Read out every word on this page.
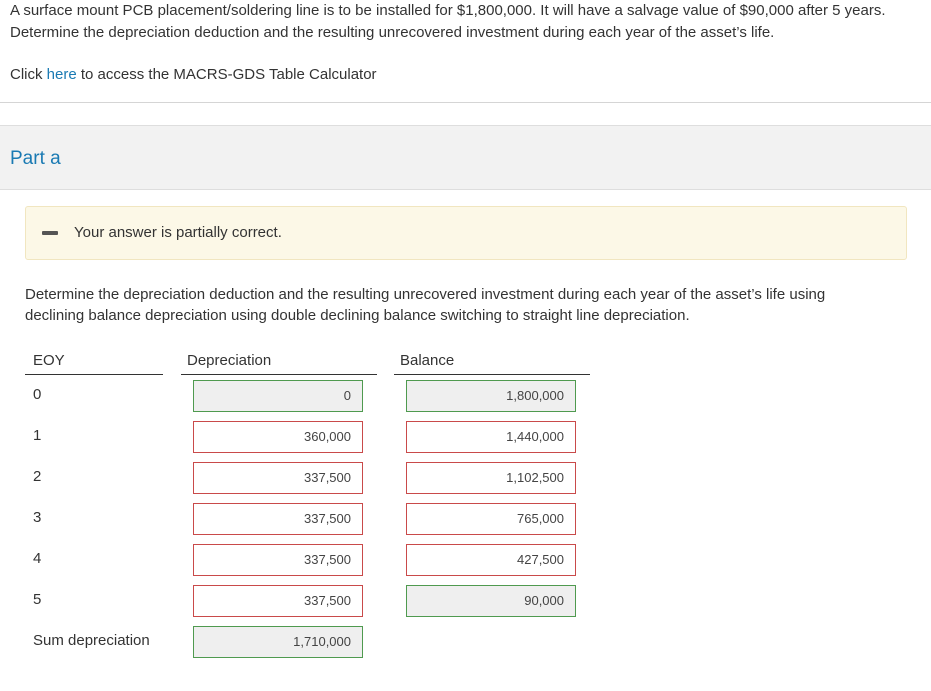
A surface mount PCB placement/soldering line is to be installed for $1,800,000. It will have a salvage value of $90,000 after 5 years.

Determine the depreciation deduction and the resulting unrecovered investment during each year of the asset’s life.

Click here to access the MACRS-GDS Table Calculator
Part a
Your answer is partially correct.
Determine the depreciation deduction and the resulting unrecovered investment during each year of the asset’s life using
declining balance depreciation using double declining balance switching to straight line depreciation.
EOY	Depreciation	Balance
0	0	1,800,000
1	360,000	1,440,000
2	337,500	1,102,500
3	337,500	765,000
4	337,500	427,500
5	337,500	90,000
Sum depreciation	1,710,000
